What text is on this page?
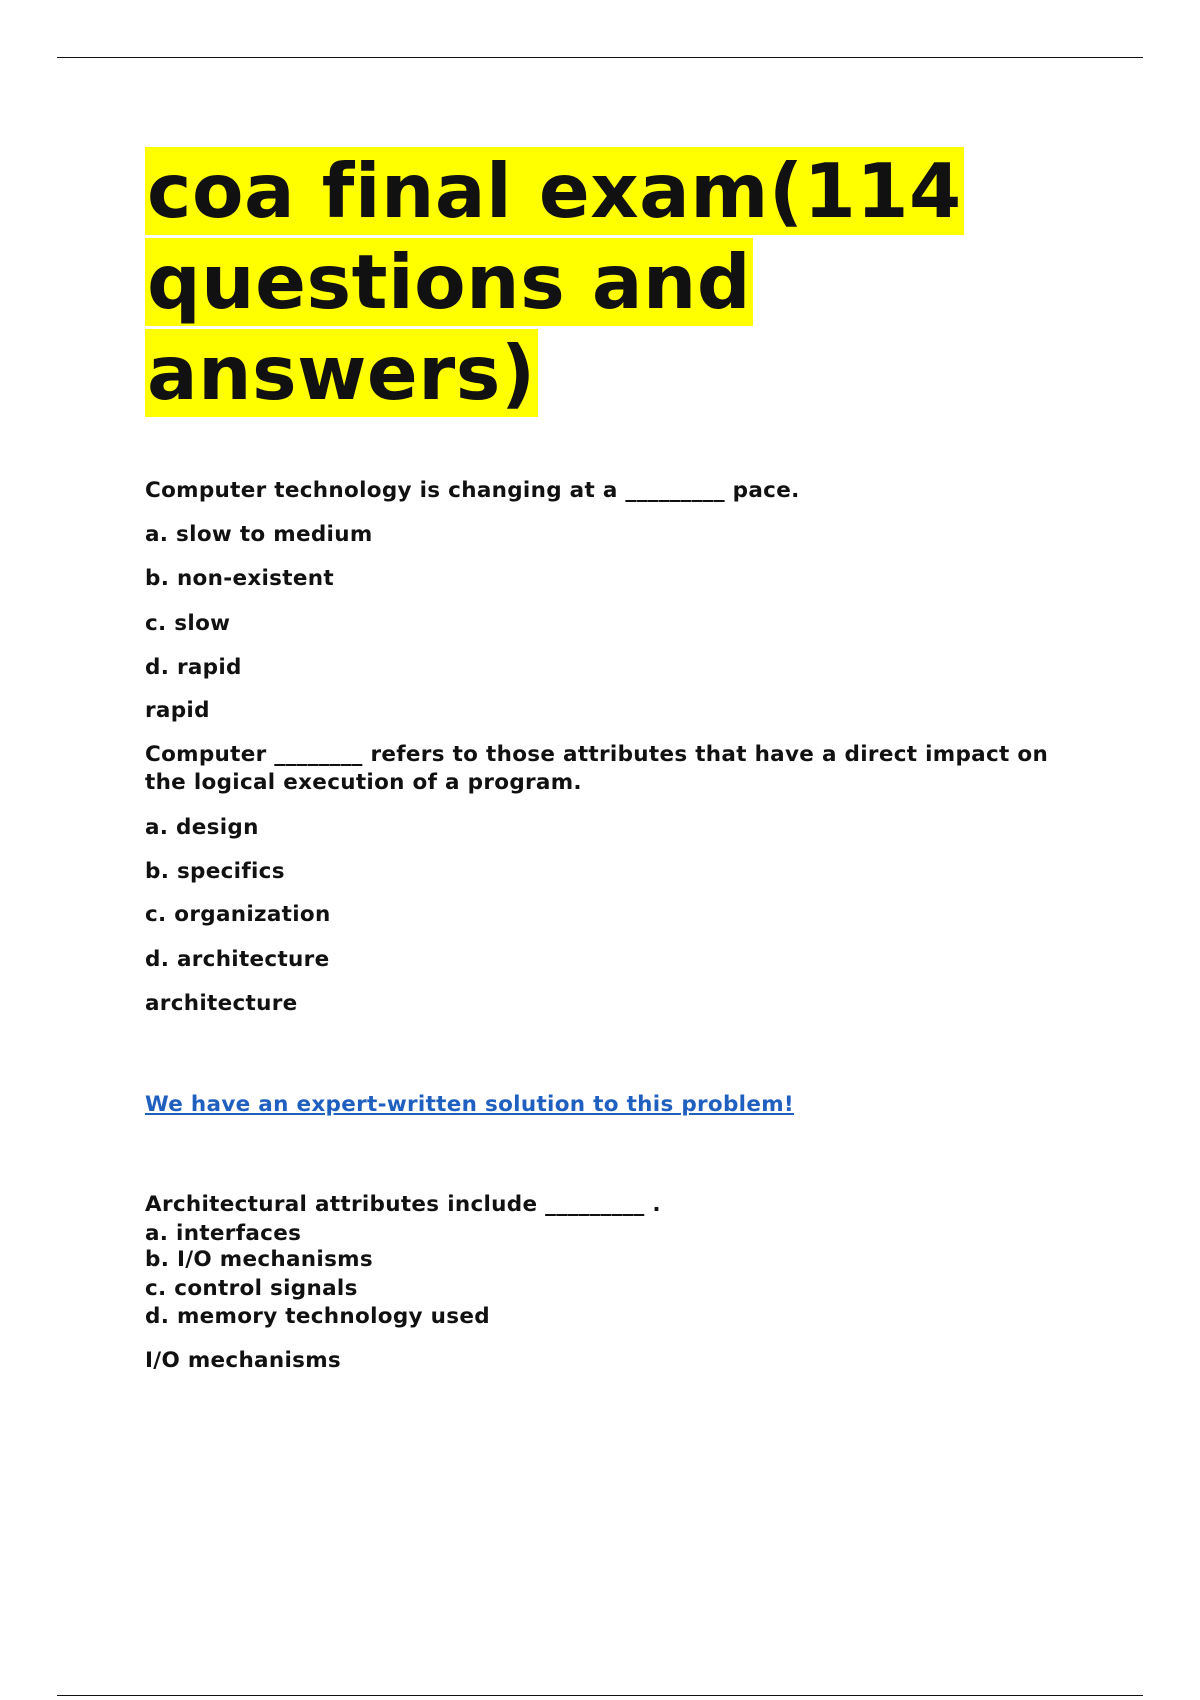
coa final exam(114 questions and answers)

Computer technology is changing at a _________ pace.

a. slow to medium

b. non-existent

c. slow

d. rapid

rapid

Computer ________ refers to those attributes that have a direct impact on the logical execution of a program.

a. design

b. specifics

c. organization

d. architecture

architecture

We have an expert-written solution to this problem!

Architectural attributes include _________ .

a. interfaces

b. I/O mechanisms

c. control signals

d. memory technology used

I/O mechanisms
